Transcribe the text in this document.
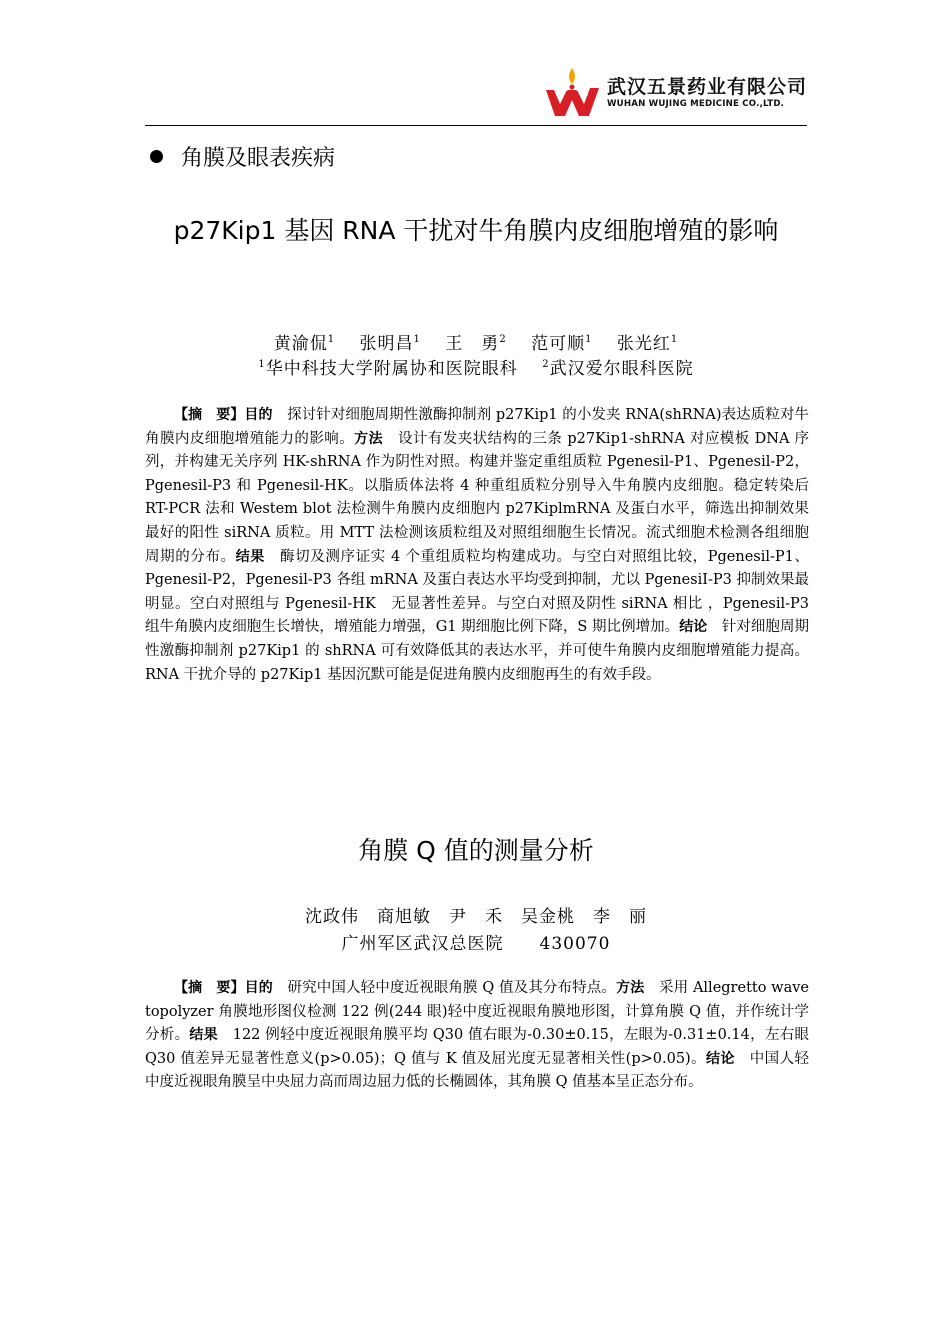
武汉五景药业有限公司
WUHAN WUJING MEDICINE CO.,LTD.
角膜及眼表疾病
p27Kip1 基因 RNA 干扰对牛角膜内皮细胞增殖的影响
黄渝侃$^1$　 张明昌$^1$　 王　勇$^2$　 范可顺$^1$　 张光红$^1$
$^1$华中科技大学附属协和医院眼科　 $^2$武汉爱尔眼科医院

【摘　要】目的　探讨针对细胞周期性激酶抑制剂 p27Kip1 的小发夹 RNA(shRNA)表达质粒对牛角膜内皮细胞增殖能力的影响。方法　设计有发夹状结构的三条 p27Kip1-shRNA 对应模板 DNA 序列，并构建无关序列 HK-shRNA 作为阴性对照。构建并鉴定重组质粒 Pgenesil-P1、Pgenesil-P2，Pgenesil-P3 和 Pgenesil-HK。以脂质体法将 4 种重组质粒分别导入牛角膜内皮细胞。稳定转染后 RT-PCR 法和 Westem blot 法检测牛角膜内皮细胞内 p27KiplmRNA 及蛋白水平，筛选出抑制效果最好的阳性 siRNA 质粒。用 MTT 法检测该质粒组及对照组细胞生长情况。流式细胞术检测各组细胞周期的分布。结果　酶切及测序证实 4 个重组质粒均构建成功。与空白对照组比较，Pgenesil-P1、Pgenesil-P2，Pgenesil-P3 各组 mRNA 及蛋白表达水平均受到抑制，尤以 PgenesiI-P3 抑制效果最明显。空白对照组与 Pgenesil-HK　无显著性差异。与空白对照及阴性 siRNA 相比 ，Pgenesil-P3 组牛角膜内皮细胞生长增快，增殖能力增强，G1 期细胞比例下降，S 期比例增加。结论　针对细胞周期性激酶抑制剂 p27Kip1 的 shRNA 可有效降低其的表达水平，并可使牛角膜内皮细胞增殖能力提高。RNA 干扰介导的 p27Kip1 基因沉默可能是促进角膜内皮细胞再生的有效手段。

角膜 Q 值的测量分析
沈政伟　商旭敏　尹　禾　吴金桃　李　丽
广州军区武汉总医院　　430070

【摘　要】目的　研究中国人轻中度近视眼角膜 Q 值及其分布特点。方法　采用 Allegretto wave topolyzer 角膜地形图仪检测 122 例(244 眼)轻中度近视眼角膜地形图，计算角膜 Q 值，并作统计学分析。结果　122 例轻中度近视眼角膜平均 Q30 值右眼为-0.30±0.15，左眼为-0.31±0.14，左右眼 Q30 值差异无显著性意义(p>0.05)；Q 值与 K 值及屈光度无显著相关性(p>0.05)。结论　中国人轻中度近视眼角膜呈中央屈力高而周边屈力低的长椭圆体，其角膜 Q 值基本呈正态分布。
